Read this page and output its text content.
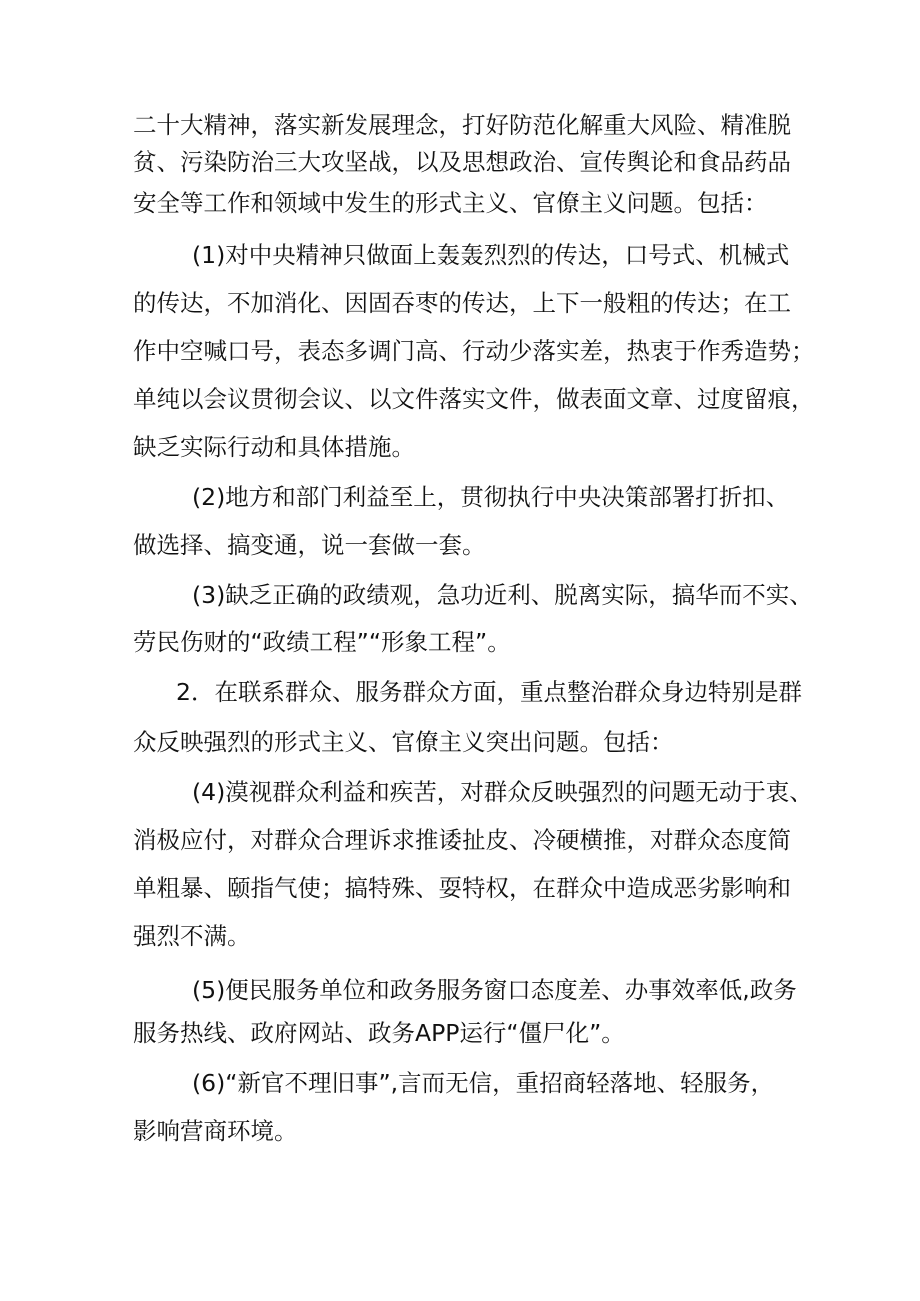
二十大精神，落实新发展理念，打好防范化解重大风险、精准脱
贫、污染防治三大攻坚战，以及思想政治、宣传舆论和食品药品
安全等工作和领域中发生的形式主义、官僚主义问题。包括：
(1)对中央精神只做面上轰轰烈烈的传达，口号式、机械式
的传达，不加消化、因固吞枣的传达，上下一般粗的传达；在工
作中空喊口号，表态多调门高、行动少落实差，热衷于作秀造势；
单纯以会议贯彻会议、以文件落实文件，做表面文章、过度留痕，
缺乏实际行动和具体措施。
(2)地方和部门利益至上，贯彻执行中央决策部署打折扣、
做选择、搞变通，说一套做一套。
(3)缺乏正确的政绩观，急功近利、脱离实际，搞华而不实、
劳民伤财的“政绩工程”“形象工程”。
2．在联系群众、服务群众方面，重点整治群众身边特别是群
众反映强烈的形式主义、官僚主义突出问题。包括：
(4)漠视群众利益和疾苦，对群众反映强烈的问题无动于衷、
消极应付，对群众合理诉求推诿扯皮、冷硬横推，对群众态度简
单粗暴、颐指气使；搞特殊、耍特权，在群众中造成恶劣影响和
强烈不满。
(5)便民服务单位和政务服务窗口态度差、办事效率低,政务
服务热线、政府网站、政务APP运行“僵尸化”。
(6)“新官不理旧事”,言而无信，重招商轻落地、轻服务，
影响营商环境。
